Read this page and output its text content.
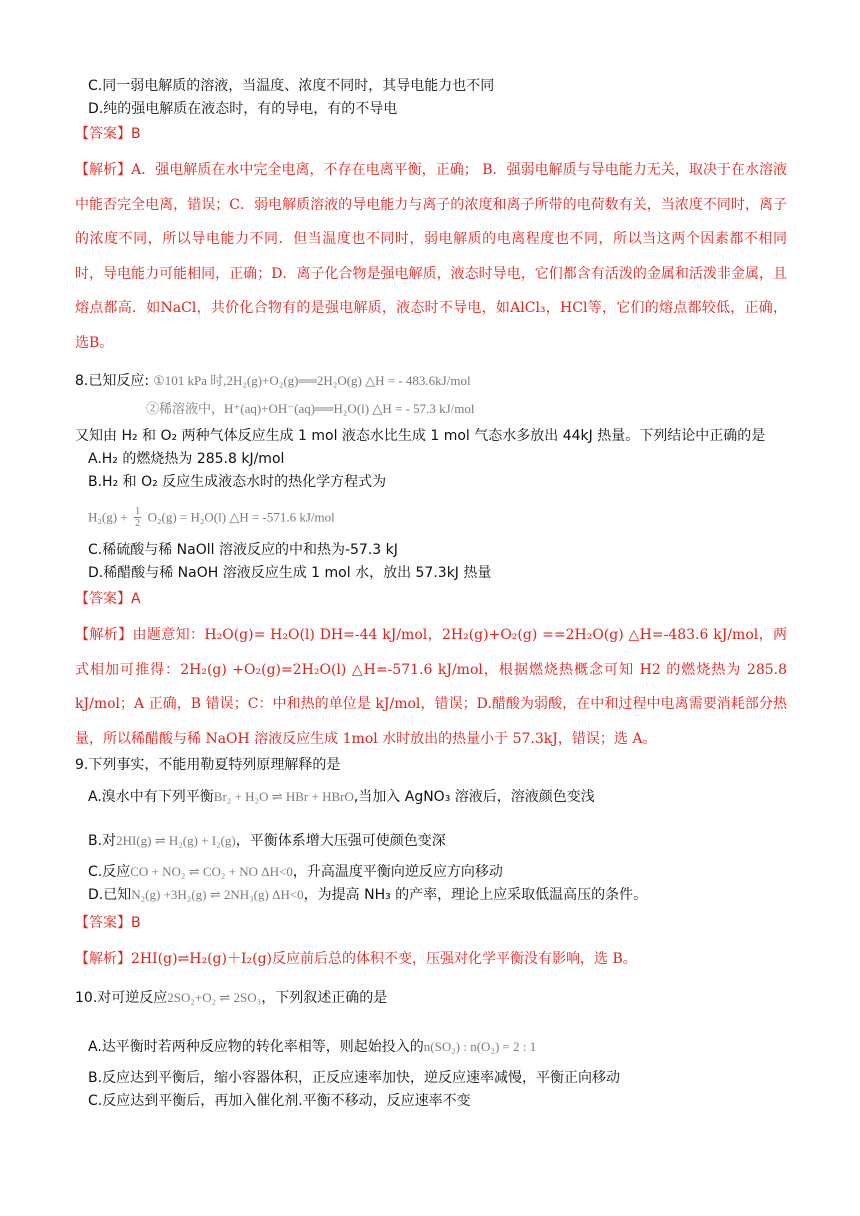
C.同一弱电解质的溶液，当温度、浓度不同时，其导电能力也不同
D.纯的强电解质在液态时，有的导电，有的不导电
【答案】B
【解析】A．强电解质在水中完全电离，不存在电离平衡，正确； B．强弱电解质与导电能力无关，取决于在水溶液中能否完全电离，错误；C．弱电解质溶液的导电能力与离子的浓度和离子所带的电荷数有关，当浓度不同时，离子的浓度不同，所以导电能力不同．但当温度也不同时，弱电解质的电离程度也不同，所以当这两个因素都不相同时，导电能力可能相同，正确；D．离子化合物是强电解质，液态时导电，它们都含有活泼的金属和活泼非金属，且熔点都高．如NaCl，共价化合物有的是强电解质，液态时不导电，如AlCl₃，HCl等，它们的熔点都较低，正确，选B。
8.已知反应: ①101 kPa 时,2H₂(g)+O₂(g)══2H₂O(g) △H = - 483.6kJ/mol
②稀溶液中，H⁺(aq)+OH⁻(aq)══H₂O(l) △H = - 57.3 kJ/mol
又知由 H₂ 和 O₂ 两种气体反应生成 1 mol 液态水比生成 1 mol 气态水多放出 44kJ 热量。下列结论中正确的是
A.H₂ 的燃烧热为 285.8 kJ/mol
B.H₂ 和 O₂ 反应生成液态水时的热化学方程式为
$H_2(g) + \frac{1}{2} O_2(g) = H_2O(l)$ △H = -571.6 kJ/mol
C.稀硫酸与稀 NaOll 溶液反应的中和热为-57.3 kJ
D.稀醋酸与稀 NaOH 溶液反应生成 1 mol 水，放出 57.3kJ 热量
【答案】A
【解析】由题意知：H₂O(g)= H₂O(l) DH=-44 kJ/mol，2H₂(g)+O₂(g) ==2H₂O(g) △H=-483.6 kJ/mol，两式相加可推得：2H₂(g) +O₂(g)=2H₂O(l) △H=-571.6 kJ/mol，根据燃烧热概念可知 H2 的燃烧热为 285.8 kJ/mol；A 正确，B 错误；C：中和热的单位是 kJ/mol，错误；D.醋酸为弱酸，在中和过程中电离需要消耗部分热量，所以稀醋酸与稀 NaOH 溶液反应生成 1mol 水时放出的热量小于 57.3kJ，错误；选 A。
9.下列事实，不能用勒夏特列原理解释的是
A.溴水中有下列平衡Br₂ + H₂O ⇌ HBr + HBrO,当加入 AgNO₃ 溶液后，溶液颜色变浅
B.对2HI(g) ⇌ H₂(g) + I₂(g)，平衡体系增大压强可使颜色变深
C.反应CO + NO₂ ⇌ CO₂ + NO ΔH<0，升高温度平衡向逆反应方向移动
D.已知N₂(g) +3H₂(g) ⇌ 2NH₃(g) ΔH<0，为提高 NH₃ 的产率，理论上应采取低温高压的条件。
【答案】B
【解析】2HI(g)⇌H₂(g)＋I₂(g)反应前后总的体积不变，压强对化学平衡没有影响，选 B。
10.对可逆反应2SO₂+O₂ ⇌ 2SO₃，下列叙述正确的是
A.达平衡时若两种反应物的转化率相等，则起始投入的n(SO₂) : n(O₂) = 2 : 1
B.反应达到平衡后，缩小容器体积，正反应速率加快，逆反应速率减慢，平衡正向移动
C.反应达到平衡后，再加入催化剂.平衡不移动，反应速率不变
